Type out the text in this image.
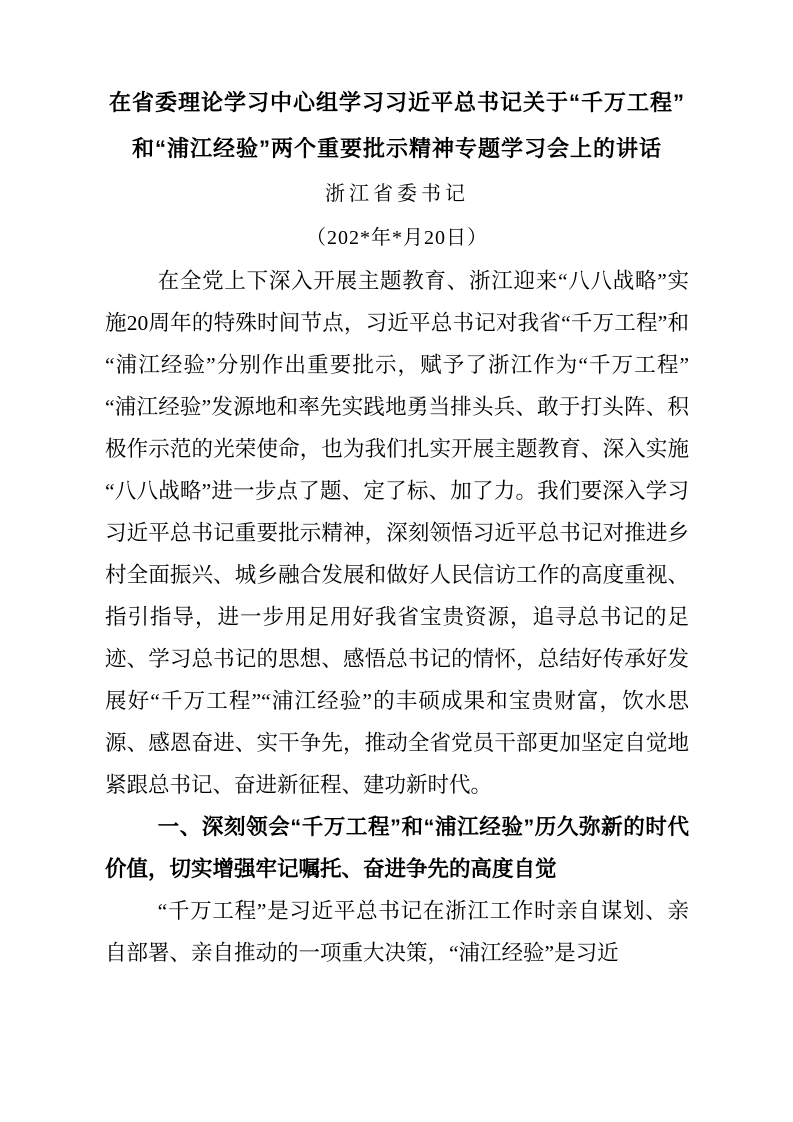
在省委理论学习中心组学习习近平总书记关于“千万工程”
和“浦江经验”两个重要批示精神专题学习会上的讲话
浙江省委书记
（202*年*月20日）

在全党上下深入开展主题教育、浙江迎来“八八战略”实施20周年的特殊时间节点，习近平总书记对我省“千万工程”和“浦江经验”分别作出重要批示，赋予了浙江作为“千万工程”“浦江经验”发源地和率先实践地勇当排头兵、敢于打头阵、积极作示范的光荣使命，也为我们扎实开展主题教育、深入实施“八八战略”进一步点了题、定了标、加了力。我们要深入学习习近平总书记重要批示精神，深刻领悟习近平总书记对推进乡村全面振兴、城乡融合发展和做好人民信访工作的高度重视、指引指导，进一步用足用好我省宝贵资源，追寻总书记的足迹、学习总书记的思想、感悟总书记的情怀，总结好传承好发展好“千万工程”“浦江经验”的丰硕成果和宝贵财富，饮水思源、感恩奋进、实干争先，推动全省党员干部更加坚定自觉地紧跟总书记、奋进新征程、建功新时代。

一、深刻领会“千万工程”和“浦江经验”历久弥新的时代价值，切实增强牢记嘱托、奋进争先的高度自觉

“千万工程”是习近平总书记在浙江工作时亲自谋划、亲自部署、亲自推动的一项重大决策，“浦江经验”是习近
